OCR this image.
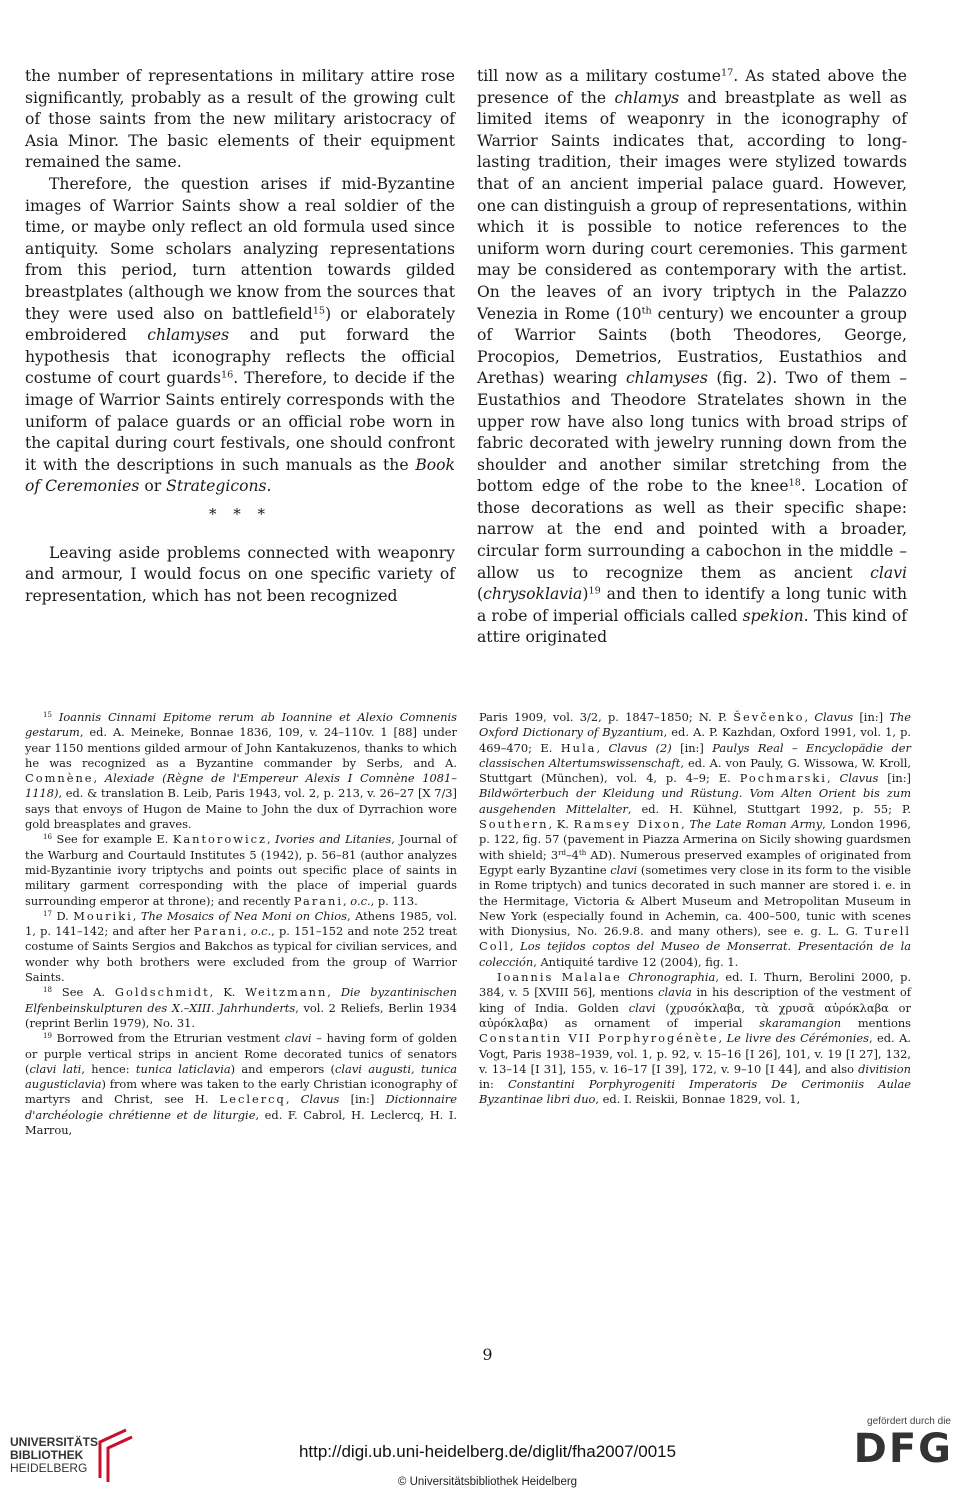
the number of representations in military attire rose significantly, probably as a result of the growing cult of those saints from the new military aristocracy of Asia Minor. The basic elements of their equipment remained the same.

Therefore, the question arises if mid-Byzantine images of Warrior Saints show a real soldier of the time, or maybe only reflect an old formula used since antiquity. Some scholars analyzing representations from this period, turn attention towards gilded breastplates (although we know from the sources that they were used also on battlefield$^{15}$) or elaborately embroidered chlamyses and put forward the hypothesis that iconography reflects the official costume of court guards$^{16}$. Therefore, to decide if the image of Warrior Saints entirely corresponds with the uniform of palace guards or an official robe worn in the capital during court festivals, one should confront it with the descriptions in such manuals as the Book of Ceremonies or Strategicons.

* * *

Leaving aside problems connected with weaponry and armour, I would focus on one specific variety of representation, which has not been recognized

till now as a military costume$^{17}$. As stated above the presence of the chlamys and breastplate as well as limited items of weaponry in the iconography of Warrior Saints indicates that, according to long-lasting tradition, their images were stylized towards that of an ancient imperial palace guard. However, one can distinguish a group of representations, within which it is possible to notice references to the uniform worn during court ceremonies. This garment may be considered as contemporary with the artist. On the leaves of an ivory triptych in the Palazzo Venezia in Rome (10th century) we encounter a group of Warrior Saints (both Theodores, George, Procopios, Demetrios, Eustratios, Eustathios and Arethas) wearing chlamyses (fig. 2). Two of them – Eustathios and Theodore Stratelates shown in the upper row have also long tunics with broad strips of fabric decorated with jewelry running down from the shoulder and another similar stretching from the bottom edge of the robe to the knee$^{18}$. Location of those decorations as well as their specific shape: narrow at the end and pointed with a broader, circular form surrounding a cabochon in the middle – allow us to recognize them as ancient clavi (chrysoklavia)$^{19}$ and then to identify a long tunic with a robe of imperial officials called spekion. This kind of attire originated

$^{15}$ Ioannis Cinnami Epitome rerum ab Ioannine et Alexio Comnenis gestarum, ed. A. Meineke, Bonnae 1836, 109, v. 24–110v. 1 [88] under year 1150 mentions gilded armour of John Kantakuzenos, thanks to which he was recognized as a Byzantine commander by Serbs, and A. Comnène, Alexiade (Règne de l'Empereur Alexis I Comnène 1081–1118), ed. & translation B. Leib, Paris 1943, vol. 2, p. 213, v. 26–27 [X 7/3] says that envoys of Hugon de Maine to John the dux of Dyrrachion wore gold breasplates and graves.

$^{16}$ See for example E. Kantorowicz, Ivories and Litanies, Journal of the Warburg and Courtauld Institutes 5 (1942), p. 56–81 (author analyzes mid-Byzantinie ivory triptychs and points out specific place of saints in military garment corresponding with the place of imperial guards surrounding emperor at throne); and recently Parani, o.c., p. 113.

$^{17}$ D. Mouriki, The Mosaics of Nea Moni on Chios, Athens 1985, vol. 1, p. 141–142; and after her Parani, o.c., p. 151–152 and note 252 treat costume of Saints Sergios and Bakchos as typical for civilian services, and wonder why both brothers were excluded from the group of Warrior Saints.

$^{18}$ See A. Goldschmidt, K. Weitzmann, Die byzantinischen Elfenbeinskulpturen des X.–XIII. Jahrhunderts, vol. 2 Reliefs, Berlin 1934 (reprint Berlin 1979), No. 31.

$^{19}$ Borrowed from the Etrurian vestment clavi – having form of golden or purple vertical strips in ancient Rome decorated tunics of senators (clavi lati, hence: tunica laticlavia) and emperors (clavi augusti, tunica augusticlavia) from where was taken to the early Christian iconography of martyrs and Christ, see H. Leclercq, Clavus [in:] Dictionnaire d'archéologie chrétienne et de liturgie, ed. F. Cabrol, H. Leclercq, H. I. Marrou,

Paris 1909, vol. 3/2, p. 1847–1850; N. P. Ševčenko, Clavus [in:] The Oxford Dictionary of Byzantium, ed. A. P. Kazhdan, Oxford 1991, vol. 1, p. 469–470; E. Hula, Clavus (2) [in:] Paulys Real – Encyclopädie der classischen Altertumswissenschaft, ed. A. von Pauly, G. Wissowa, W. Kroll, Stuttgart (München), vol. 4, p. 4–9; E. Pochmarski, Clavus [in:] Bildwörterbuch der Kleidung und Rüstung. Vom Alten Orient bis zum ausgehenden Mittelalter, ed. H. Kühnel, Stuttgart 1992, p. 55; P. Southern, K. Ramsey Dixon, The Late Roman Army, London 1996, p. 122, fig. 57 (pavement in Piazza Armerina on Sicily showing guardsmen with shield; 3rd–4th AD). Numerous preserved examples of originated from Egypt early Byzantine clavi (sometimes very close in its form to the visible in Rome triptych) and tunics decorated in such manner are stored i. e. in the Hermitage, Victoria & Albert Museum and Metropolitan Museum in New York (especially found in Achemin, ca. 400–500, tunic with scenes with Dionysius, No. 26.9.8. and many others), see e. g. L. G. Turell Coll, Los tejidos coptos del Museo de Monserrat. Presentación de la colección, Antiquité tardive 12 (2004), fig. 1.

Ioannis Malalae Chronographia, ed. I. Thurn, Berolini 2000, p. 384, v. 5 [XVIII 56], mentions clavia in his description of the vestment of king of India. Golden clavi (χρυσόκλαβα, τὰ χρυσᾶ αὐρόκλαβα or αὐρόκλαβα) as ornament of imperial skaramangion mentions Constantin VII Porphyrogénète, Le livre des Cérémonies, ed. A. Vogt, Paris 1938–1939, vol. 1, p. 92, v. 15–16 [I 26], 101, v. 19 [I 27], 132, v. 13–14 [I 31], 155, v. 16–17 [I 39], 172, v. 9–10 [I 44], and also divitision in: Constantini Porphyrogeniti Imperatoris De Cerimoniis Aulae Byzantinae libri duo, ed. I. Reiskii, Bonnae 1829, vol. 1,

9
UNIVERSITÄTS-
BIBLIOTHEK
HEIDELBERG
http://digi.ub.uni-heidelberg.de/diglit/fha2007/0015
© Universitätsbibliothek Heidelberg
gefördert durch die
DFG
